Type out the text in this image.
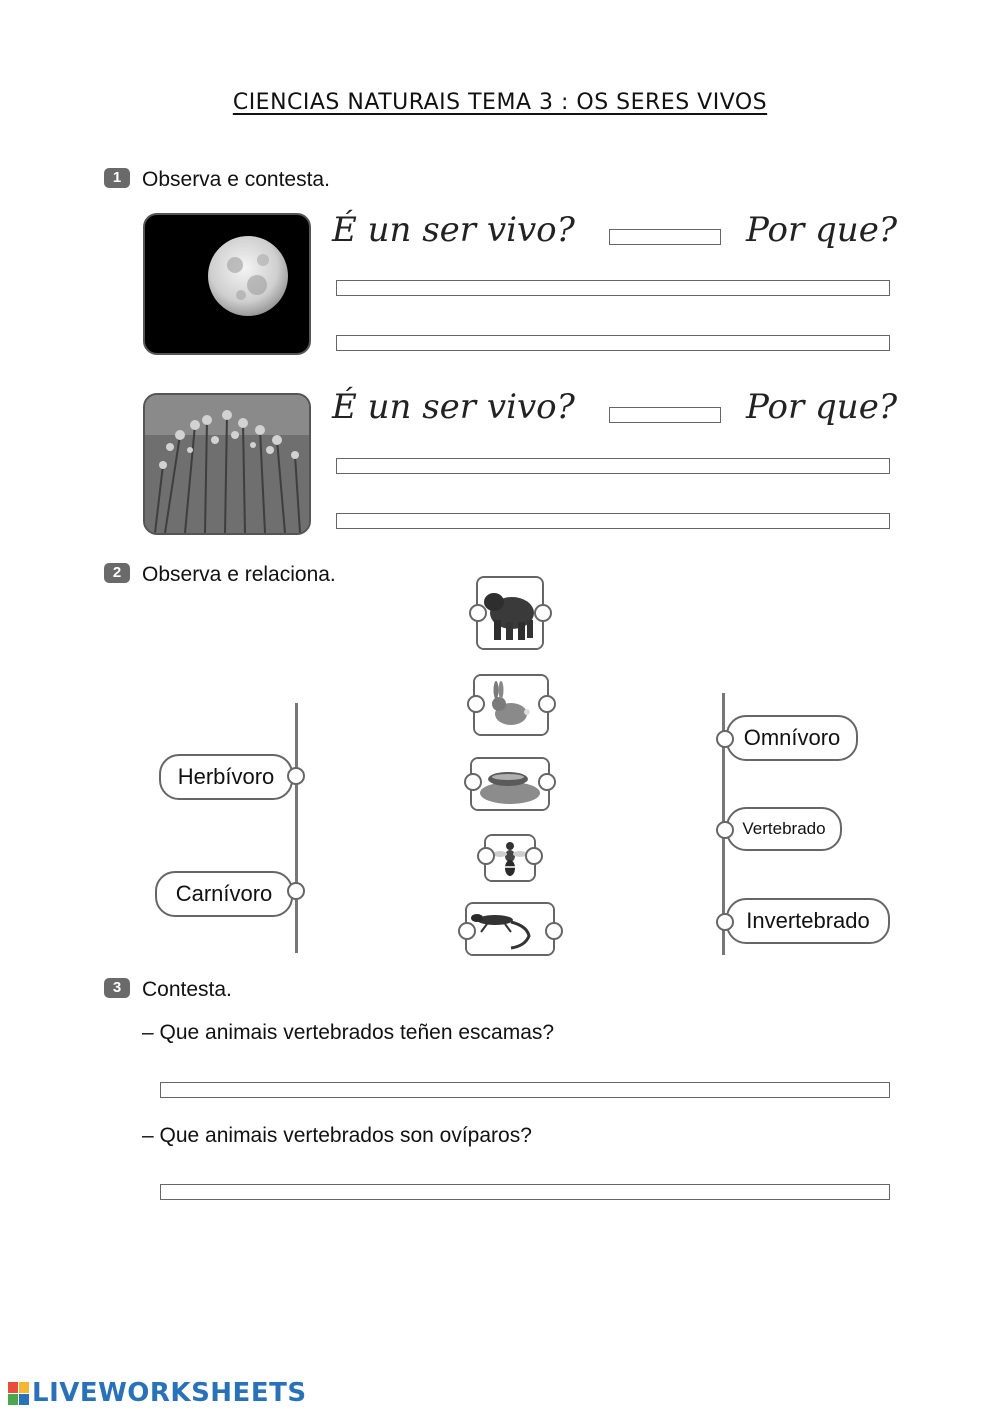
CIENCIAS NATURAIS TEMA 3 : OS SERES VIVOS
1 Observa e contesta.
É un ser vivo?	Por que?
É un ser vivo?	Por que?
2 Observa e relaciona.
Herbívoro
Carnívoro
Omnívoro
Vertebrado
Invertebrado
3 Contesta.
– Que animais vertebrados teñen escamas?
– Que animais vertebrados son ovíparos?
LIVEWORKSHEETS
